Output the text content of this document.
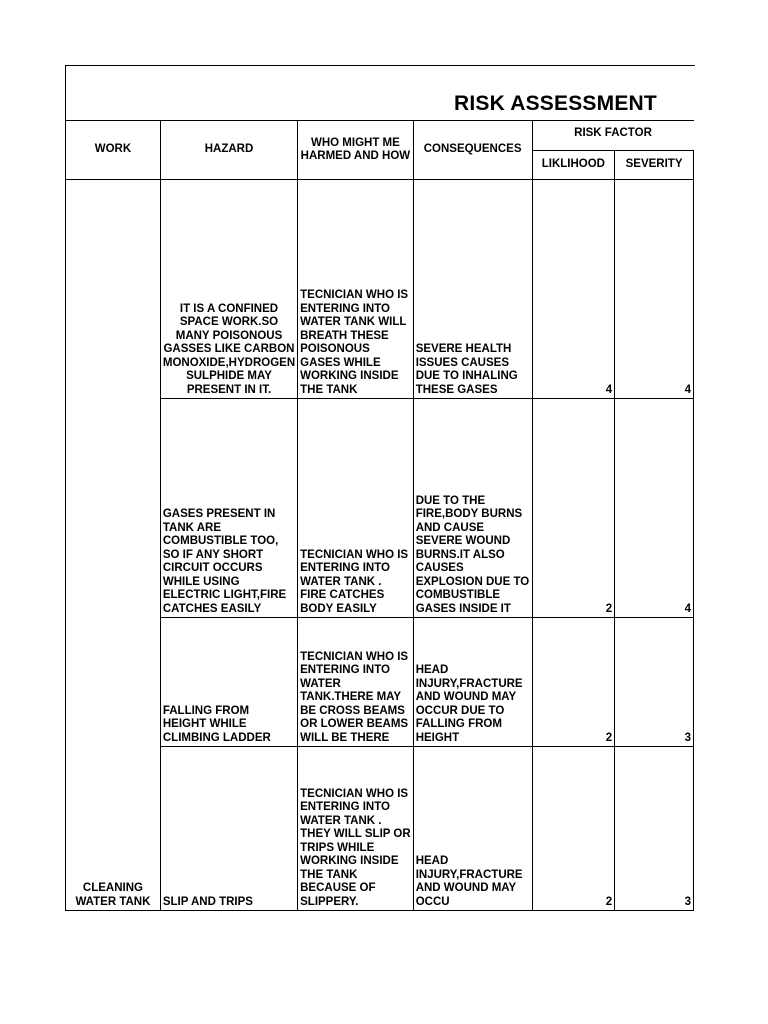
RISK ASSESSMENT
WORK	HAZARD	WHO MIGHT ME HARMED AND HOW	CONSEQUENCES	RISK FACTOR	
				LIKLIHOOD	SEVERITY
CLEANING WATER TANK	IT IS A CONFINED SPACE WORK.SO MANY POISONOUS GASSES LIKE CARBON MONOXIDE,HYDROGEN SULPHIDE MAY PRESENT IN IT.	TECNICIAN WHO IS ENTERING INTO WATER TANK WILL BREATH THESE POISONOUS GASES WHILE WORKING INSIDE THE TANK	SEVERE HEALTH ISSUES CAUSES DUE TO INHALING THESE GASES	4	4
	GASES PRESENT IN TANK ARE COMBUSTIBLE TOO, SO IF ANY SHORT CIRCUIT OCCURS WHILE USING ELECTRIC LIGHT,FIRE CATCHES EASILY	TECNICIAN WHO IS ENTERING INTO WATER TANK . FIRE CATCHES BODY EASILY	DUE TO THE FIRE,BODY BURNS AND CAUSE SEVERE WOUND BURNS.IT ALSO CAUSES EXPLOSION DUE TO COMBUSTIBLE GASES INSIDE IT	2	4
	FALLING FROM HEIGHT WHILE CLIMBING LADDER	TECNICIAN WHO IS ENTERING INTO WATER TANK.THERE MAY BE CROSS BEAMS OR LOWER BEAMS WILL BE THERE	HEAD INJURY,FRACTURE AND WOUND MAY OCCUR DUE TO FALLING FROM HEIGHT	2	3
	SLIP AND TRIPS	TECNICIAN WHO IS ENTERING INTO WATER TANK . THEY WILL SLIP OR TRIPS WHILE WORKING INSIDE THE TANK BECAUSE OF SLIPPERY.	HEAD INJURY,FRACTURE AND WOUND MAY OCCU	2	3
